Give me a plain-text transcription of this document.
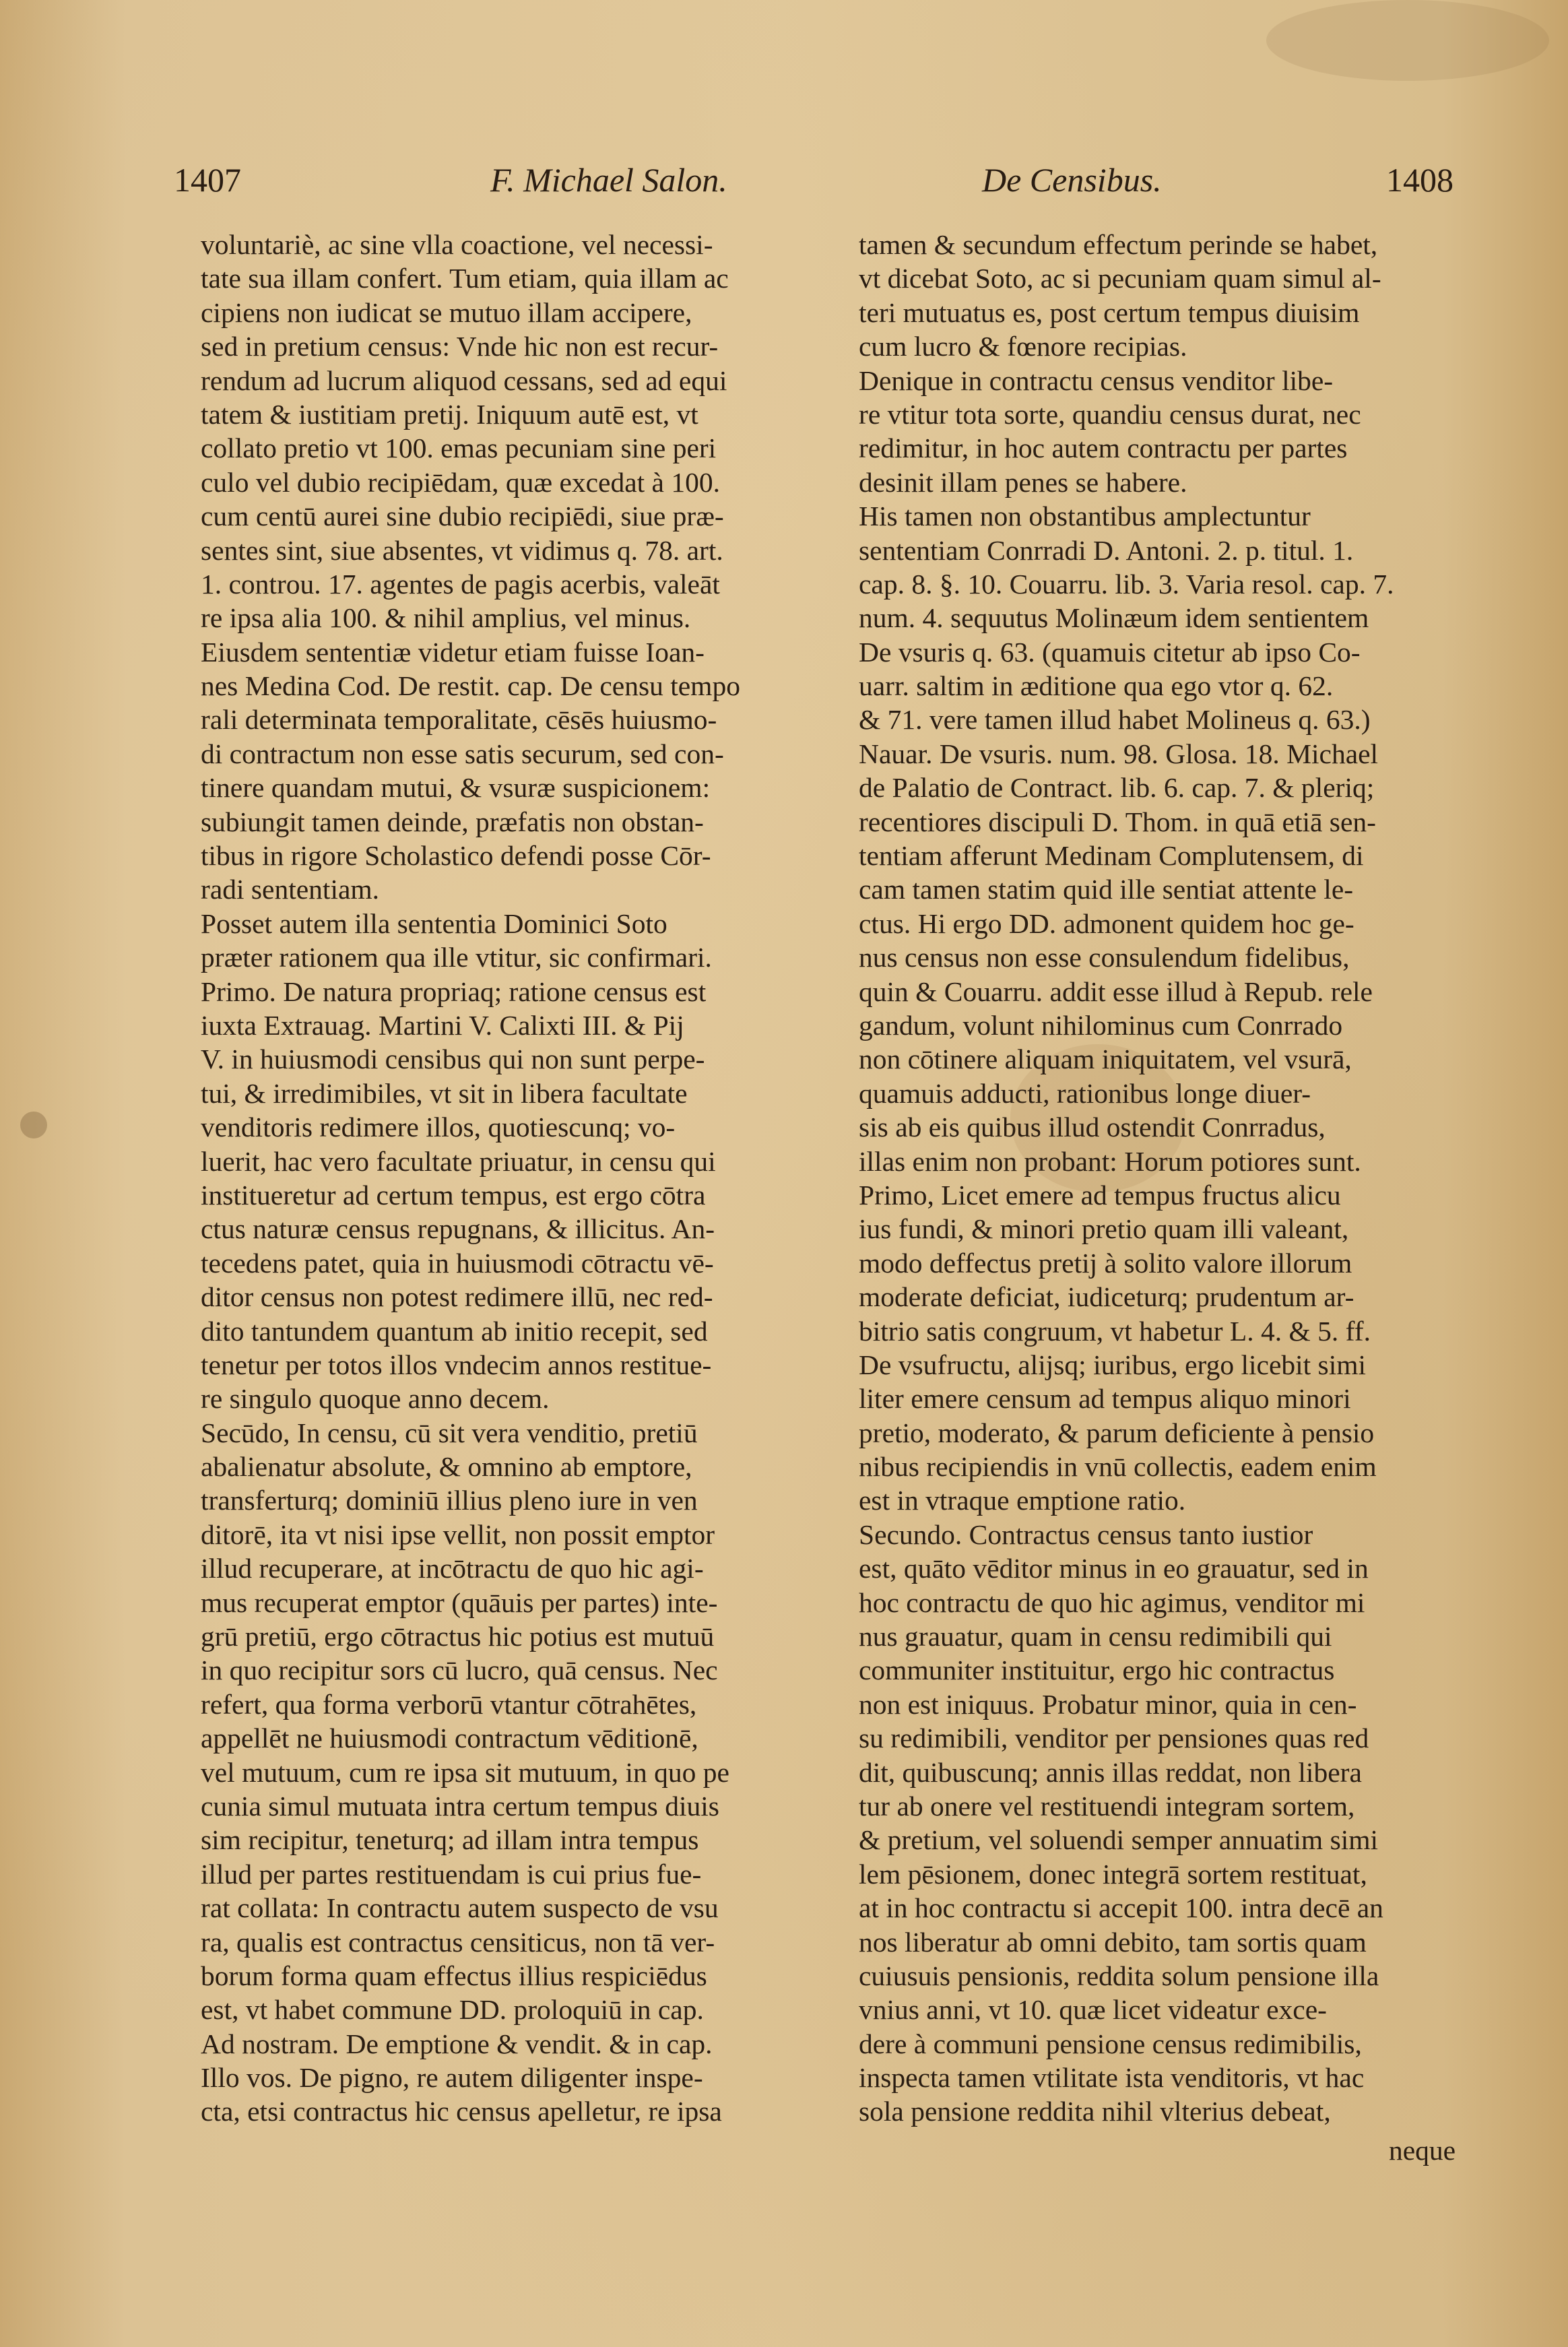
1407	F. Michael Salon.	De Censibus.	1408
voluntariè, ac sine vlla coactione, vel necessi-
tate sua illam confert. Tum etiam, quia illam ac
cipiens non iudicat se mutuo illam accipere,
sed in pretium census: Vnde hic non est recur-
rendum ad lucrum aliquod cessans, sed ad equi
tatem & iustitiam pretij. Iniquum autē est, vt
collato pretio vt 100. emas pecuniam sine peri
culo vel dubio recipiēdam, quæ excedat à 100.
cum centū aurei sine dubio recipiēdi, siue præ-
sentes sint, siue absentes, vt vidimus q. 78. art.
1. controu. 17. agentes de pagis acerbis, valeāt
re ipsa alia 100. & nihil amplius, vel minus.
Eiusdem sententiæ videtur etiam fuisse Ioan-
nes Medina Cod. De restit. cap. De censu tempo
rali determinata temporalitate, cēsēs huiusmo-
di contractum non esse satis securum, sed con-
tinere quandam mutui, & vsuræ suspicionem:
subiungit tamen deinde, præfatis non obstan-
tibus in rigore Scholastico defendi posse Cōr-
radi sententiam.
Posset autem illa sententia Dominici Soto
præter rationem qua ille vtitur, sic confirmari.
Primo. De natura propriaq; ratione census est
iuxta Extrauag. Martini V. Calixti III. & Pij
V. in huiusmodi censibus qui non sunt perpe-
tui, & irredimibiles, vt sit in libera facultate
venditoris redimere illos, quotiescunq; vo-
luerit, hac vero facultate priuatur, in censu qui
institueretur ad certum tempus, est ergo cōtra
ctus naturæ census repugnans, & illicitus. An-
tecedens patet, quia in huiusmodi cōtractu vē-
ditor census non potest redimere illū, nec red-
dito tantundem quantum ab initio recepit, sed
tenetur per totos illos vndecim annos restitue-
re singulo quoque anno decem.
Secūdo, In censu, cū sit vera venditio, pretiū
abalienatur absolute, & omnino ab emptore,
transferturq; dominiū illius pleno iure in ven
ditorē, ita vt nisi ipse vellit, non possit emptor
illud recuperare, at incōtractu de quo hic agi-
mus recuperat emptor (quāuis per partes) inte-
grū pretiū, ergo cōtractus hic potius est mutuū
in quo recipitur sors cū lucro, quā census. Nec
refert, qua forma verborū vtantur cōtrahētes,
appellēt ne huiusmodi contractum vēditionē,
vel mutuum, cum re ipsa sit mutuum, in quo pe
cunia simul mutuata intra certum tempus diuis
sim recipitur, teneturq; ad illam intra tempus
illud per partes restituendam is cui prius fue-
rat collata: In contractu autem suspecto de vsu
ra, qualis est contractus censiticus, non tā ver-
borum forma quam effectus illius respiciēdus
est, vt habet commune DD. proloquiū in cap.
Ad nostram. De emptione & vendit. & in cap.
Illo vos. De pigno, re autem diligenter inspe-
cta, etsi contractus hic census apelletur, re ipsa
tamen & secundum effectum perinde se habet,
vt dicebat Soto, ac si pecuniam quam simul al-
teri mutuatus es, post certum tempus diuisim
cum lucro & fœnore recipias.
Denique in contractu census venditor libe-
re vtitur tota sorte, quandiu census durat, nec
redimitur, in hoc autem contractu per partes
desinit illam penes se habere.
His tamen non obstantibus amplectuntur
sententiam Conrradi D. Antoni. 2. p. titul. 1.
cap. 8. §. 10. Couarru. lib. 3. Varia resol. cap. 7.
num. 4. sequutus Molinæum idem sentientem
De vsuris q. 63. (quamuis citetur ab ipso Co-
uarr. saltim in æditione qua ego vtor q. 62.
& 71. vere tamen illud habet Molineus q. 63.)
Nauar. De vsuris. num. 98. Glosa. 18. Michael
de Palatio de Contract. lib. 6. cap. 7. & pleriq;
recentiores discipuli D. Thom. in quā etiā sen-
tentiam afferunt Medinam Complutensem, di
cam tamen statim quid ille sentiat attente le-
ctus. Hi ergo DD. admonent quidem hoc ge-
nus census non esse consulendum fidelibus,
quin & Couarru. addit esse illud à Repub. rele
gandum, volunt nihilominus cum Conrrado
non cōtinere aliquam iniquitatem, vel vsurā,
quamuis adducti, rationibus longe diuer-
sis ab eis quibus illud ostendit Conrradus,
illas enim non probant: Horum potiores sunt.
Primo, Licet emere ad tempus fructus alicu
ius fundi, & minori pretio quam illi valeant,
modo deffectus pretij à solito valore illorum
moderate deficiat, iudiceturq; prudentum ar-
bitrio satis congruum, vt habetur L. 4. & 5. ff.
De vsufructu, alijsq; iuribus, ergo licebit simi
liter emere censum ad tempus aliquo minori
pretio, moderato, & parum deficiente à pensio
nibus recipiendis in vnū collectis, eadem enim
est in vtraque emptione ratio.
Secundo. Contractus census tanto iustior
est, quāto vēditor minus in eo grauatur, sed in
hoc contractu de quo hic agimus, venditor mi
nus grauatur, quam in censu redimibili qui
communiter instituitur, ergo hic contractus
non est iniquus. Probatur minor, quia in cen-
su redimibili, venditor per pensiones quas red
dit, quibuscunq; annis illas reddat, non libera
tur ab onere vel restituendi integram sortem,
& pretium, vel soluendi semper annuatim simi
lem pēsionem, donec integrā sortem restituat,
at in hoc contractu si accepit 100. intra decē an
nos liberatur ab omni debito, tam sortis quam
cuiusuis pensionis, reddita solum pensione illa
vnius anni, vt 10. quæ licet videatur exce-
dere à communi pensione census redimibilis,
inspecta tamen vtilitate ista venditoris, vt hac
sola pensione reddita nihil vlterius debeat,
neque
